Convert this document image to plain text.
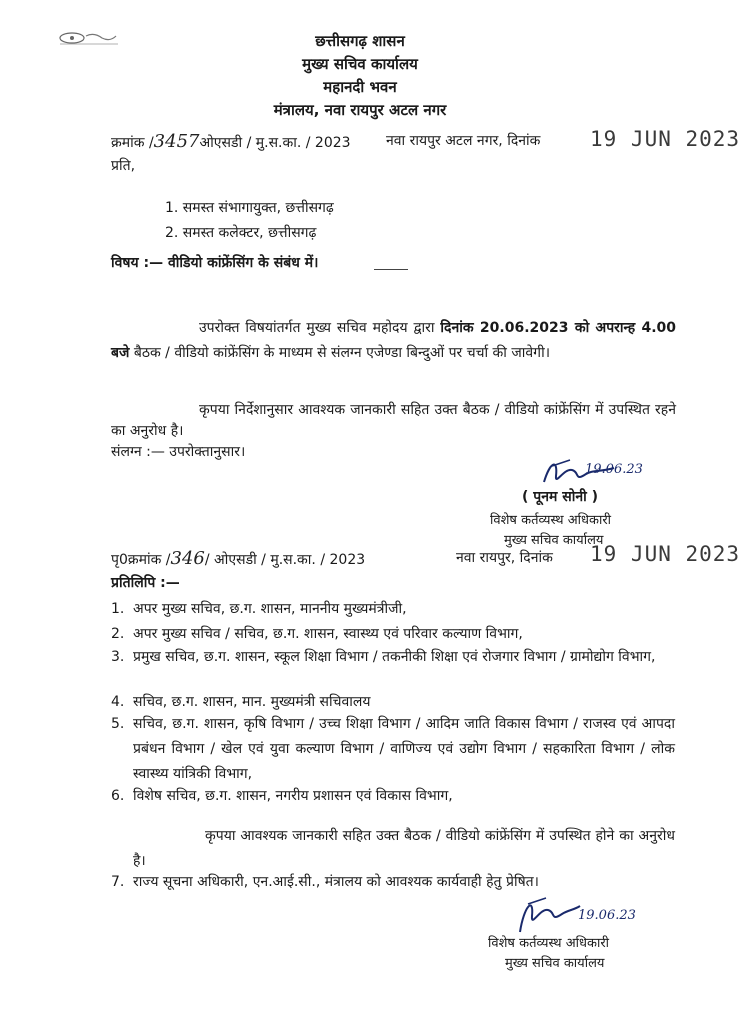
छत्तीसगढ़ शासन
मुख्य सचिव कार्यालय
महानदी भवन
मंत्रालय, नवा रायपुर अटल नगर
क्रमांक /3457ओएसडी / मु.स.का. / 2023	नवा रायपुर अटल नगर, दिनांक 19 JUN 2023
प्रति,
1. समस्त संभागायुक्त, छत्तीसगढ़
2. समस्त कलेक्टर, छत्तीसगढ़
विषय :— वीडियो कांफ्रेंसिंग के संबंध में।
उपरोक्त विषयांतर्गत मुख्य सचिव महोदय द्वारा दिनांक 20.06.2023 को अपरान्ह 4.00 बजे बैठक / वीडियो कांफ्रेंसिंग के माध्यम से संलग्न एजेण्डा बिन्दुओं पर चर्चा की जावेगी।
कृपया निर्देशानुसार आवश्यक जानकारी सहित उक्त बैठक / वीडियो कांफ्रेंसिंग में उपस्थित रहने का अनुरोध है।
संलग्न :— उपरोक्तानुसार।
19.06.23
( पूनम सोनी )
विशेष कर्तव्यस्थ अधिकारी
मुख्य सचिव कार्यालय
पृ0क्रमांक /346/ ओएसडी / मु.स.का. / 2023	नवा रायपुर, दिनांक 19 JUN 2023
प्रतिलिपि :—
1. अपर मुख्य सचिव, छ.ग. शासन, माननीय मुख्यमंत्रीजी,
2. अपर मुख्य सचिव / सचिव, छ.ग. शासन, स्वास्थ्य एवं परिवार कल्याण विभाग,
3. प्रमुख सचिव, छ.ग. शासन, स्कूल शिक्षा विभाग / तकनीकी शिक्षा एवं रोजगार विभाग / ग्रामोद्योग विभाग,
4. सचिव, छ.ग. शासन, मान. मुख्यमंत्री सचिवालय
5. सचिव, छ.ग. शासन, कृषि विभाग / उच्च शिक्षा विभाग / आदिम जाति विकास विभाग / राजस्व एवं आपदा प्रबंधन विभाग / खेल एवं युवा कल्याण विभाग / वाणिज्य एवं उद्योग विभाग / सहकारिता विभाग / लोक स्वास्थ्य यांत्रिकी विभाग,
6. विशेष सचिव, छ.ग. शासन, नगरीय प्रशासन एवं विकास विभाग,
कृपया आवश्यक जानकारी सहित उक्त बैठक / वीडियो कांफ्रेंसिंग में उपस्थित होने का अनुरोध है।
7. राज्य सूचना अधिकारी, एन.आई.सी., मंत्रालय को आवश्यक कार्यवाही हेतु प्रेषित।
19.06.23
विशेष कर्तव्यस्थ अधिकारी
मुख्य सचिव कार्यालय
